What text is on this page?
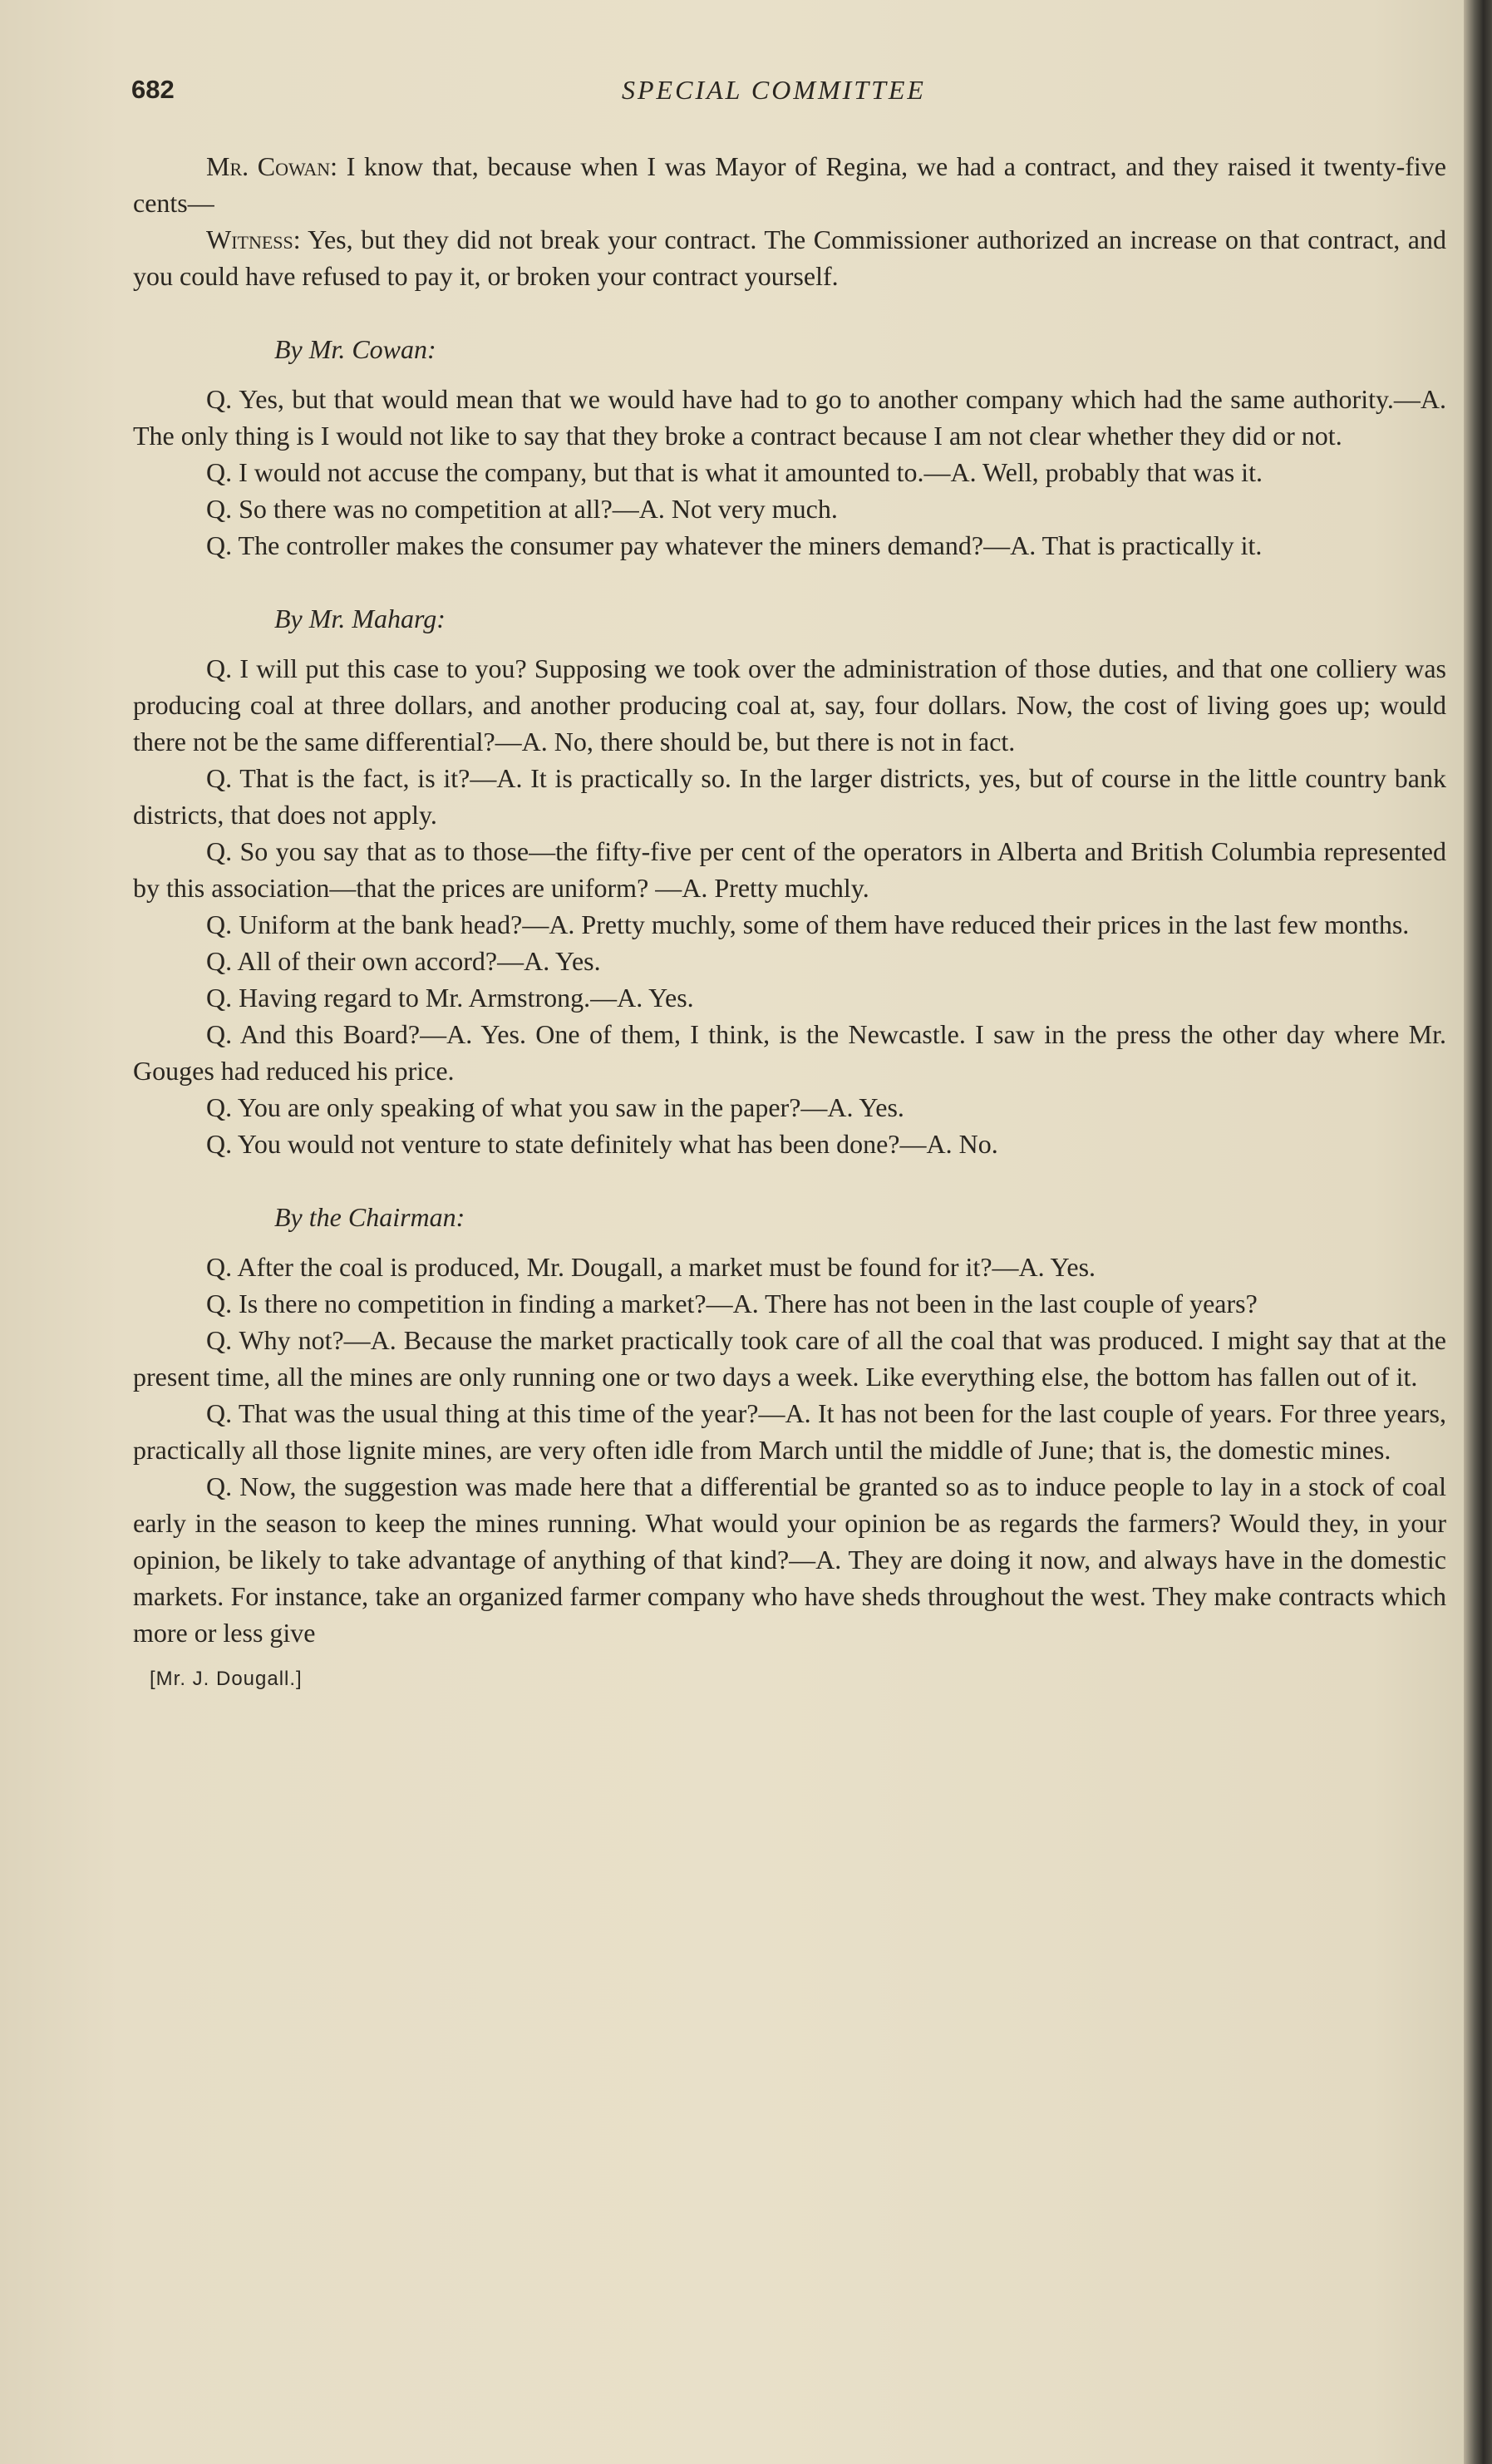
682	SPECIAL COMMITTEE

Mr. Cowan: I know that, because when I was Mayor of Regina, we had a contract, and they raised it twenty-five cents—

Witness: Yes, but they did not break your contract. The Commissioner authorized an increase on that contract, and you could have refused to pay it, or broken your contract yourself.

By Mr. Cowan:

Q. Yes, but that would mean that we would have had to go to another company which had the same authority.—A. The only thing is I would not like to say that they broke a contract because I am not clear whether they did or not.

Q. I would not accuse the company, but that is what it amounted to.—A. Well, probably that was it.

Q. So there was no competition at all?—A. Not very much.

Q. The controller makes the consumer pay whatever the miners demand?—A. That is practically it.

By Mr. Maharg:

Q. I will put this case to you? Supposing we took over the administration of those duties, and that one colliery was producing coal at three dollars, and another producing coal at, say, four dollars. Now, the cost of living goes up; would there not be the same differential?—A. No, there should be, but there is not in fact.

Q. That is the fact, is it?—A. It is practically so. In the larger districts, yes, but of course in the little country bank districts, that does not apply.

Q. So you say that as to those—the fifty-five per cent of the operators in Alberta and British Columbia represented by this association—that the prices are uniform? —A. Pretty muchly.

Q. Uniform at the bank head?—A. Pretty muchly, some of them have reduced their prices in the last few months.

Q. All of their own accord?—A. Yes.

Q. Having regard to Mr. Armstrong.—A. Yes.

Q. And this Board?—A. Yes. One of them, I think, is the Newcastle. I saw in the press the other day where Mr. Gouges had reduced his price.

Q. You are only speaking of what you saw in the paper?—A. Yes.

Q. You would not venture to state definitely what has been done?—A. No.

By the Chairman:

Q. After the coal is produced, Mr. Dougall, a market must be found for it?—A. Yes.

Q. Is there no competition in finding a market?—A. There has not been in the last couple of years?

Q. Why not?—A. Because the market practically took care of all the coal that was produced. I might say that at the present time, all the mines are only running one or two days a week. Like everything else, the bottom has fallen out of it.

Q. That was the usual thing at this time of the year?—A. It has not been for the last couple of years. For three years, practically all those lignite mines, are very often idle from March until the middle of June; that is, the domestic mines.

Q. Now, the suggestion was made here that a differential be granted so as to induce people to lay in a stock of coal early in the season to keep the mines running. What would your opinion be as regards the farmers? Would they, in your opinion, be likely to take advantage of anything of that kind?—A. They are doing it now, and always have in the domestic markets. For instance, take an organized farmer company who have sheds throughout the west. They make contracts which more or less give

[Mr. J. Dougall.]
